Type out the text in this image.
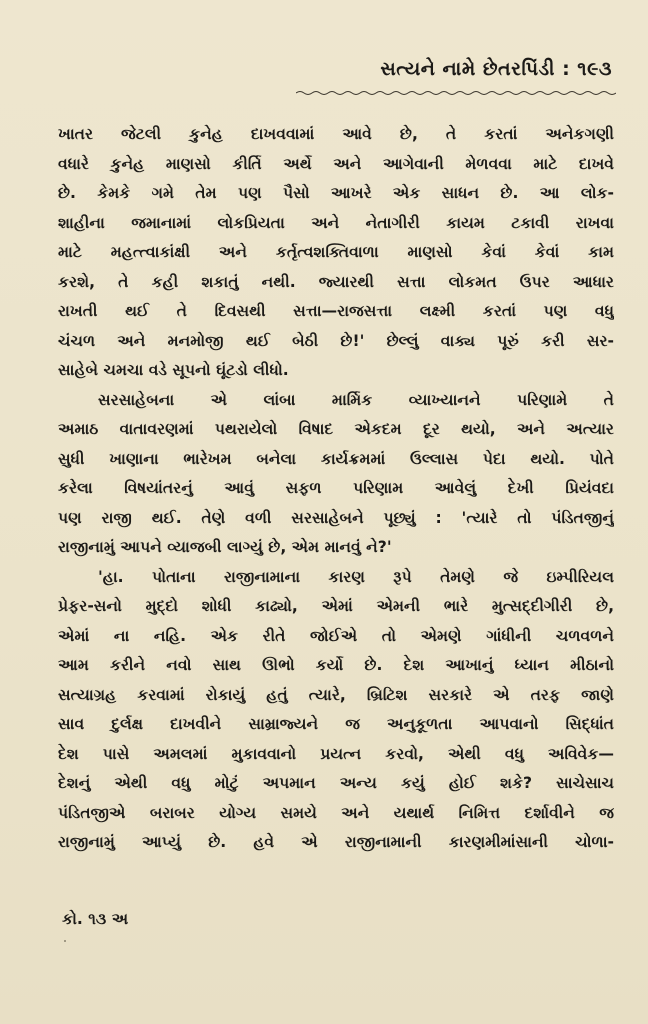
સત્યને નામે છેતરપિંડી : ૧૯૩
ખાતર જેટલી કુનેહ દાખવવામાં આવે છે, તે કરતાં અનેકગણી
વધારે કુનેહ માણસો કીર્તિ અર્થે અને આગેવાની મેળવવા માટે દાખવે
છે. કેમકે ગમે તેમ પણ પૈસો આખરે એક સાધન છે. આ લોક-
શાહીના જમાનામાં લોકપ્રિયતા અને નેતાગીરી કાયમ ટકાવી રાખવા
માટે મહત્ત્વાકાંક્ષી અને કર્તૃત્વશક્તિવાળા માણસો કેવાં કેવાં કામ
કરશે, તે કહી શકાતું નથી. જ્યારથી સત્તા લોકમત ઉપર આધાર
રાખતી થઈ તે દિવસથી સત્તા—રાજસત્તા લક્ષ્મી કરતાં પણ વધુ
ચંચળ અને મનમોજી થઈ બેઠી છે!' છેલ્લું વાક્ય પૂરું કરી સર-
સાહેબે ચમચા વડે સૂપનો ઘૂંટડો લીધો.
સરસાહેબના એ લાંબા માર્મિક વ્યાખ્યાનને પરિણામે તે
અમાઠ વાતાવરણમાં પથરાયેલો વિષાદ એકદમ દૂર થયો, અને અત્યાર
સુધી ખાણાના ભારેખમ બનેલા કાર્યક્રમમાં ઉલ્લાસ પેદા થયો. પોતે
કરેલા વિષયાંતરનું આવું સફળ પરિણામ આવેલું દેખી પ્રિયંવદા
પણ રાજી થઈ. તેણે વળી સરસાહેબને પૂછ્યું : 'ત્યારે તો પંડિતજીનું
રાજીનામું આપને વ્યાજબી લાગ્યું છે, એમ માનવું ને?'
'હા. પોતાના રાજીનામાના કારણ રૂપે તેમણે જે ઇમ્પીરિયલ
પ્રેફર-સનો મુદ્દો શોધી કાઢ્યો, એમાં એમની ભારે મુત્સદ્દીગીરી છે,
એમાં ના નહિ. એક રીતે જોઈએ તો એમણે ગાંધીની ચળવળને
આમ કરીને નવો સાથ ઊભો કર્યો છે. દેશ આખાનું ધ્યાન મીઠાનો
સત્યાગ્રહ કરવામાં રોકાયું હતું ત્યારે, બ્રિટિશ સરકારે એ તરફ જાણે
સાવ દુર્લક્ષ દાખવીને સામ્રાજ્યને જ અનુકૂળતા આપવાનો સિદ્ધાંત
દેશ પાસે અમલમાં મુકાવવાનો પ્રયત્ન કરવો, એથી વધુ અવિવેક—
દેશનું એથી વધુ મોટું અપમાન અન્ય કયું હોઈ શકે? સાચેસાચ
પંડિતજીએ બરાબર યોગ્ય સમયે અને યથાર્થ નિમિત્ત દર્શાવીને જ
રાજીનામું આપ્યું છે. હવે એ રાજીનામાની કારણમીમાંસાની ચોળા-
કો. ૧૩ અ
